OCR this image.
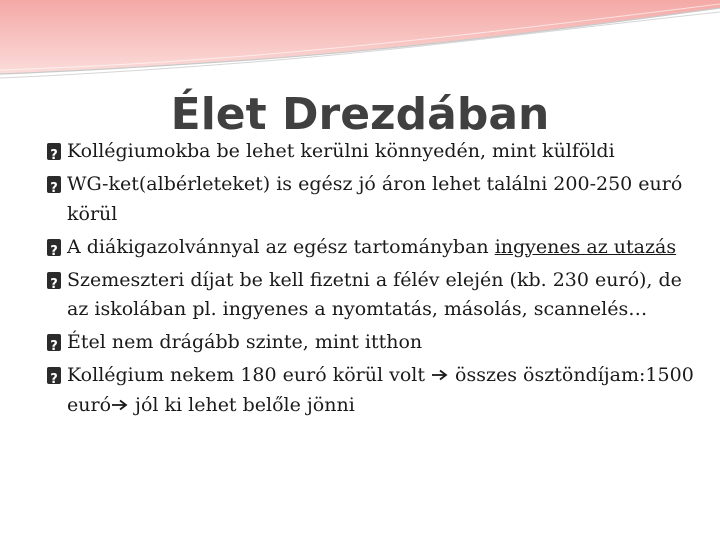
Élet Drezdában
?
Kollégiumokba be lehet kerülni könnyedén, mint külföldi
?
WG-ket(albérleteket) is egész jó áron lehet találni 200-250 euró körül
?
A diákigazolvánnyal az egész tartományban ingyenes az utazás
?
Szemeszteri díjat be kell fizetni a félév elején (kb. 230 euró), de az iskolában pl. ingyenes a nyomtatás, másolás, scannelés…
?
Étel nem drágább szinte, mint itthon
?
Kollégium nekem 180 euró körül volt
összes ösztöndíjam:1500 euró
jól ki lehet belőle jönni
